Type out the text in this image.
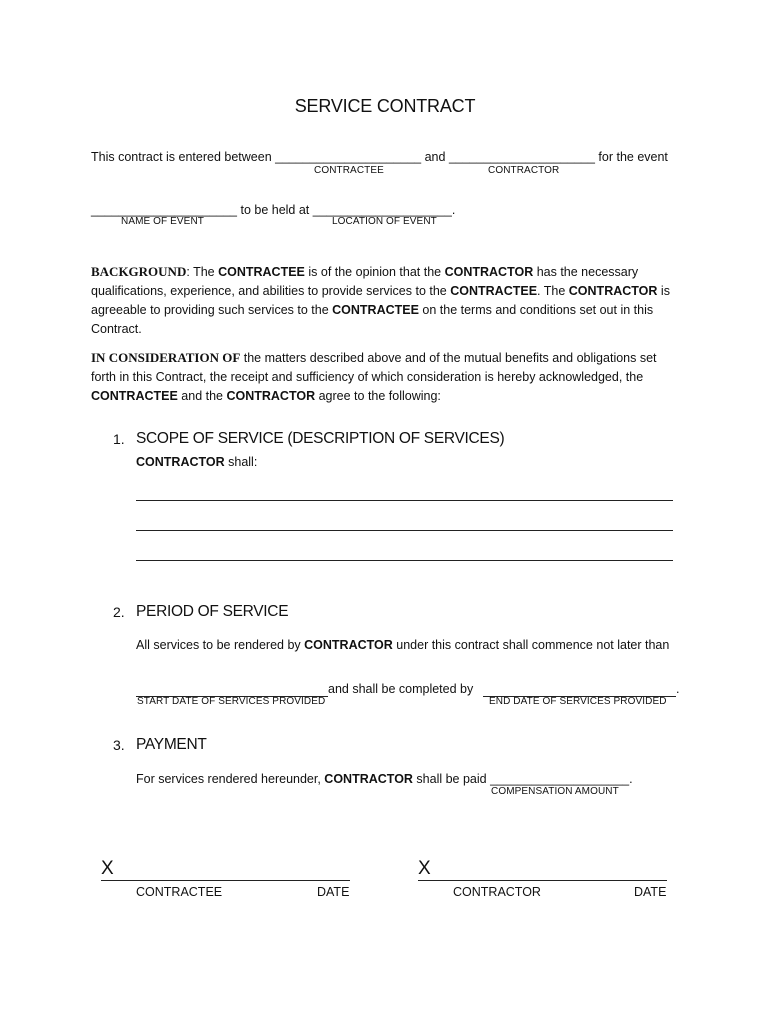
SERVICE CONTRACT
This contract is entered between _____________________ and _____________________ for the event
CONTRACTEE	CONTRACTOR
_____________________ to be held at ____________________.
NAME OF EVENT	LOCATION OF EVENT
BACKGROUND: The CONTRACTEE is of the opinion that the CONTRACTOR has the necessary qualifications, experience, and abilities to provide services to the CONTRACTEE. The CONTRACTOR is agreeable to providing such services to the CONTRACTEE on the terms and conditions set out in this Contract.
IN CONSIDERATION OF the matters described above and of the mutual benefits and obligations set forth in this Contract, the receipt and sufficiency of which consideration is hereby acknowledged, the CONTRACTEE and the CONTRACTOR agree to the following:
1. SCOPE OF SERVICE (DESCRIPTION OF SERVICES)
CONTRACTOR shall:
2. PERIOD OF SERVICE
All services to be rendered by CONTRACTOR under this contract shall commence not later than
and shall be completed by	.
START DATE OF SERVICES PROVIDED	END DATE OF SERVICES PROVIDED
3. PAYMENT
For services rendered hereunder, CONTRACTOR shall be paid ____________________.
COMPENSATION AMOUNT
X
CONTRACTEE	DATE
X
CONTRACTOR	DATE
